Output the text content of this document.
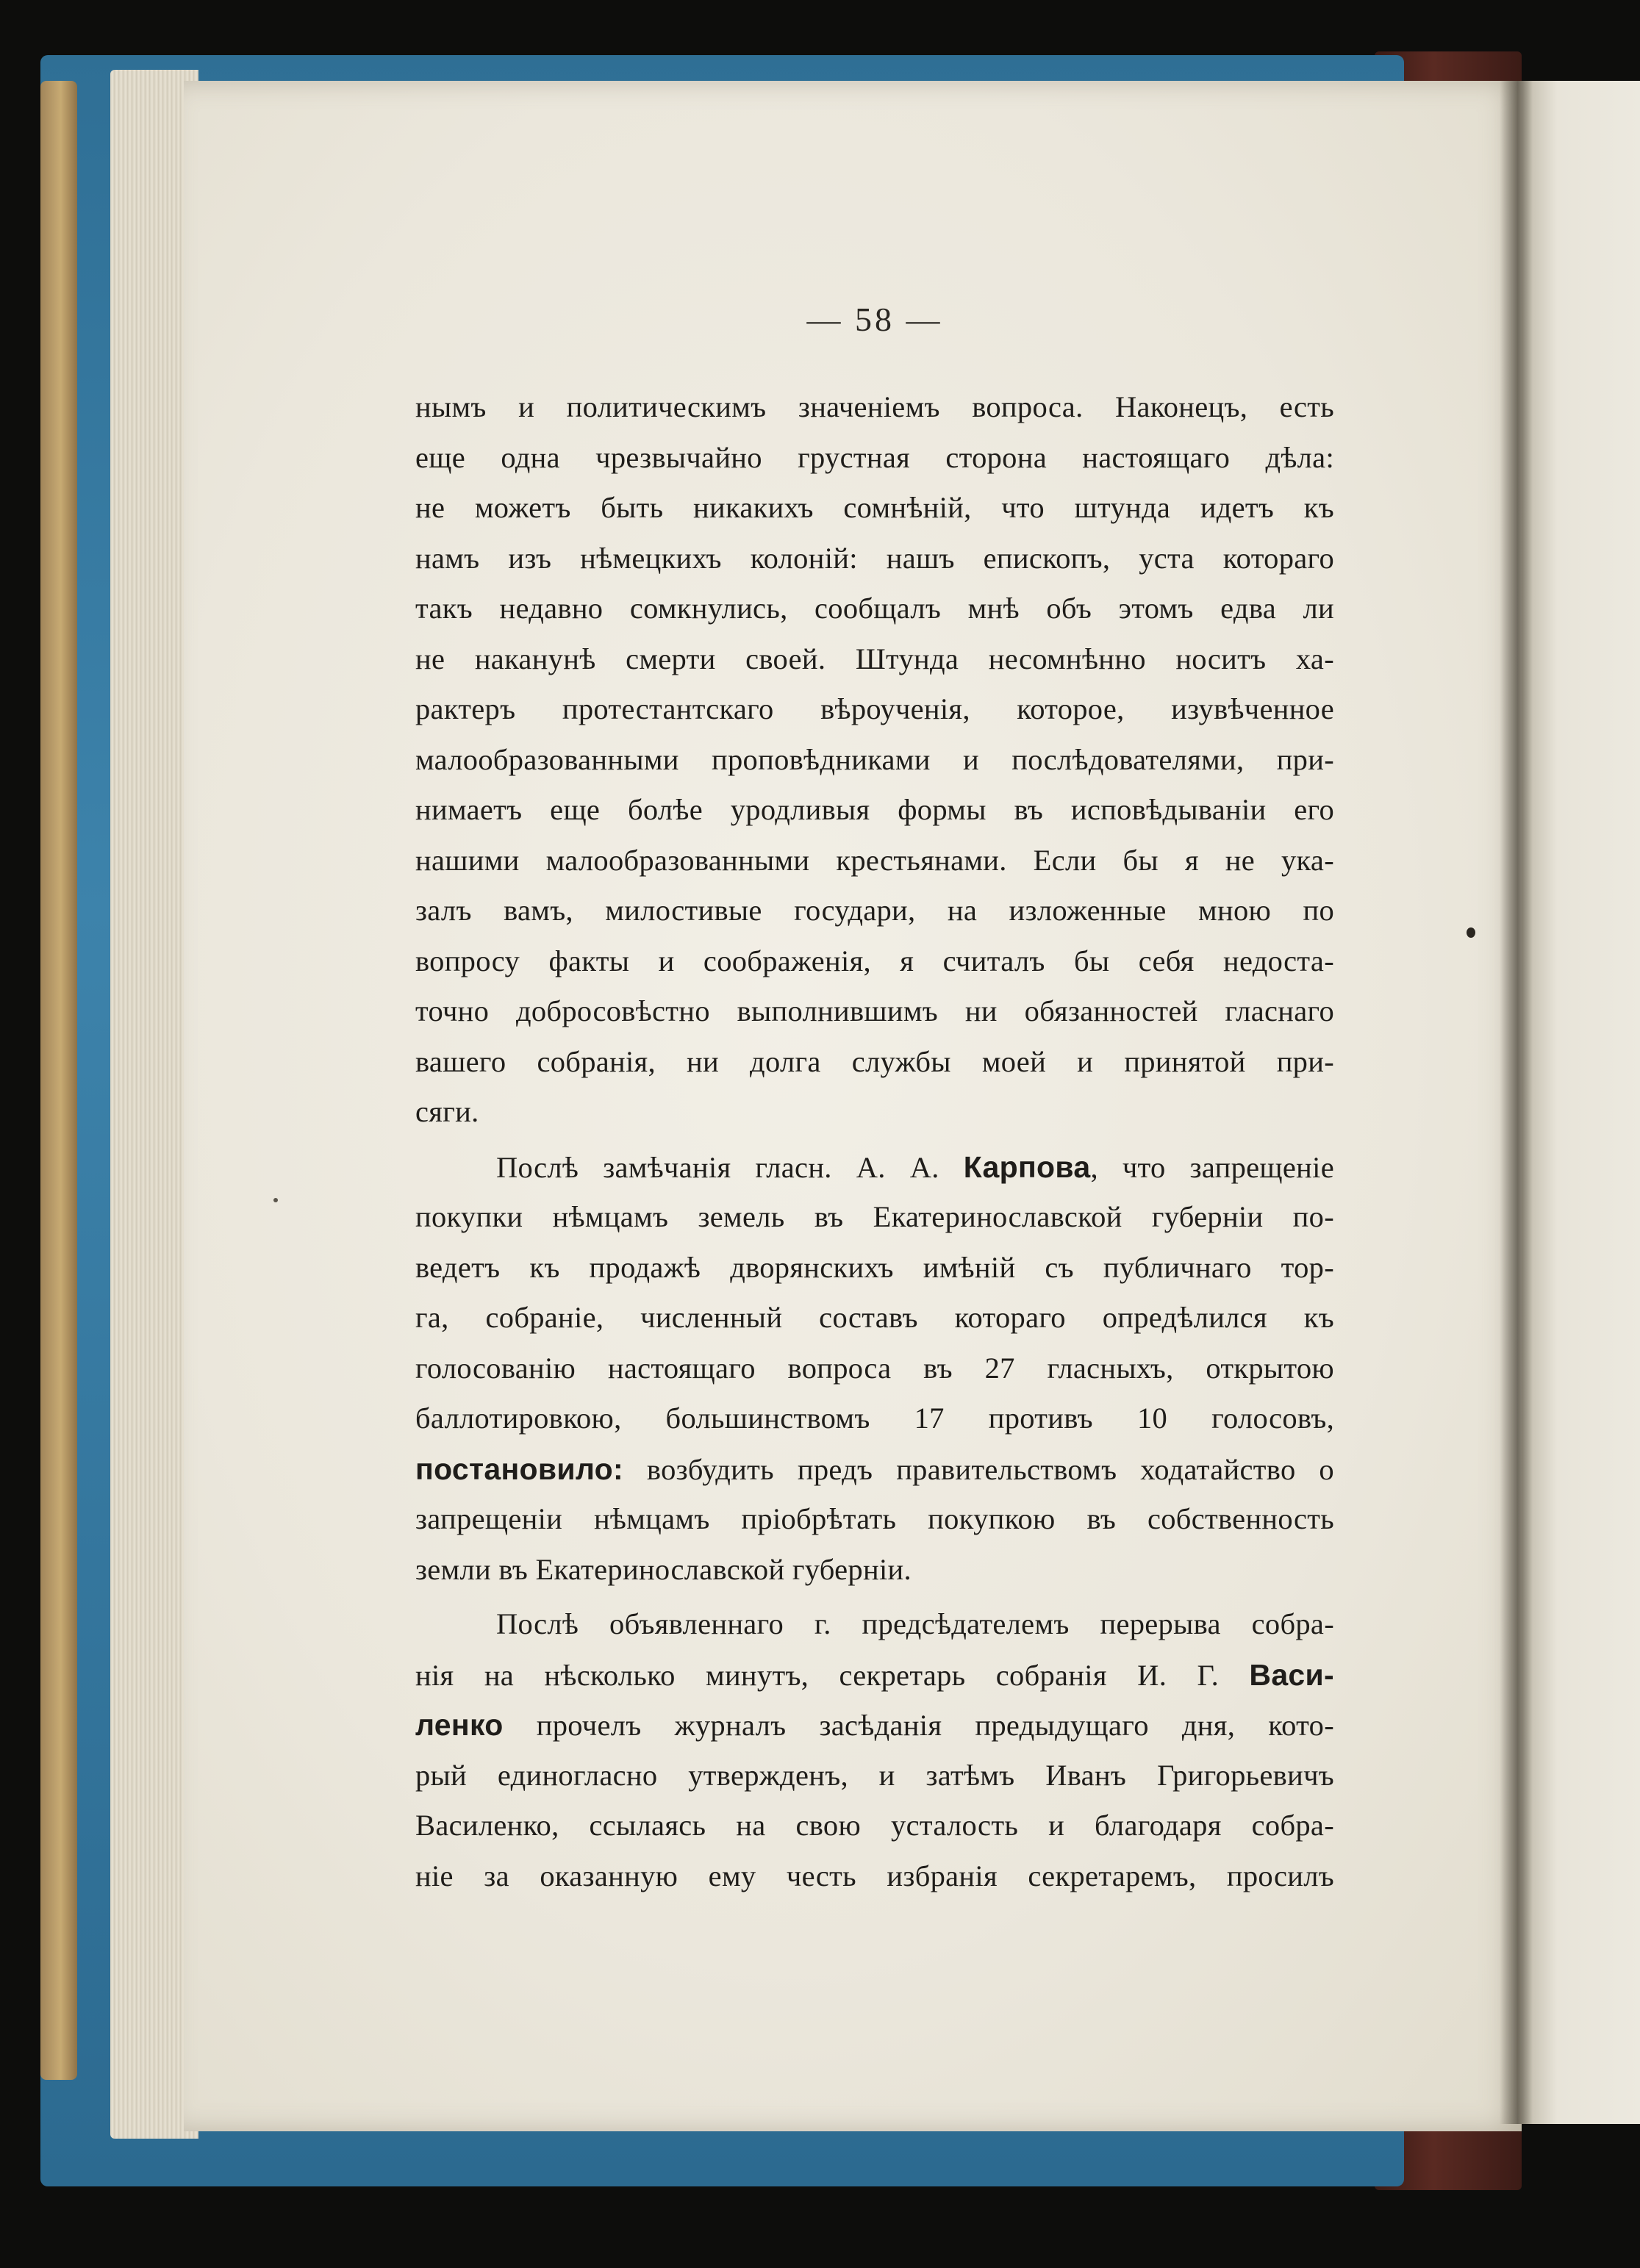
— 58 —
нымъ и политическимъ значеніемъ вопроса. Наконецъ, есть
еще одна чрезвычайно грустная сторона настоящаго дѣла:
не можетъ быть никакихъ сомнѣній, что штунда идетъ къ
намъ изъ нѣмецкихъ колоній: нашъ епископъ, уста котораго
такъ недавно сомкнулись, сообщалъ мнѣ объ этомъ едва ли
не наканунѣ смерти своей. Штунда несомнѣнно носитъ ха-
рактеръ протестантскаго вѣроученія, которое, изувѣченное
малообразованными проповѣдниками и послѣдователями, при-
нимаетъ еще болѣе уродливыя формы въ исповѣдываніи его
нашими малообразованными крестьянами. Если бы я не ука-
залъ вамъ, милостивые государи, на изложенные мною по
вопросу факты и соображенія, я считалъ бы себя недоста-
точно добросовѣстно выполнившимъ ни обязанностей гласнаго
вашего собранія, ни долга службы моей и принятой при-
сяги.
Послѣ замѣчанія гласн. А. А. Карпова, что запрещеніе
покупки нѣмцамъ земель въ Екатеринославской губерніи по-
ведетъ къ продажѣ дворянскихъ имѣній съ публичнаго тор-
га, собраніе, численный составъ котораго опредѣлился къ
голосованію настоящаго вопроса въ 27 гласныхъ, открытою
баллотировкою, большинствомъ 17 противъ 10 голосовъ,
постановило: возбудить предъ правительствомъ ходатайство о
запрещеніи нѣмцамъ пріобрѣтать покупкою въ собственность
земли въ Екатеринославской губерніи.
Послѣ объявленнаго г. предсѣдателемъ перерыва собра-
нія на нѣсколько минутъ, секретарь собранія И. Г. Васи-
ленко прочелъ журналъ засѣданія предыдущаго дня, кото-
рый единогласно утвержденъ, и затѣмъ Иванъ Григорьевичъ
Василенко, ссылаясь на свою усталость и благодаря собра-
ніе за оказанную ему честь избранія секретаремъ, просилъ
